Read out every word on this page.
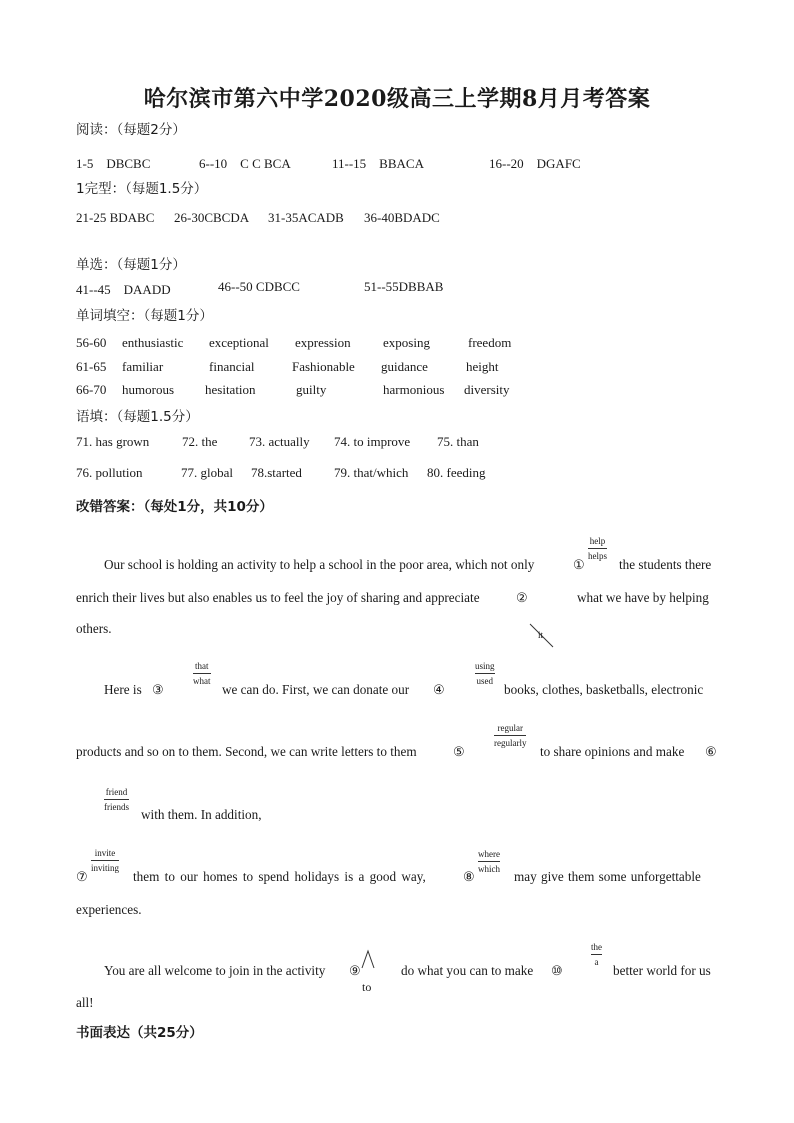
哈尔滨市第六中学2020级高三上学期8月月考答案
阅读：（每题2分）
1-5　DBCBC	6--10　C C BCA	11--15　BBACA	16--20　DGAFC
1完型：（每题1.5分）
21-25 BDABC 26-30CBCDA 31-35ACADB 36-40BDADC
单选：（每题1分）
41--45　DAADD	46--50 CDBCC	51--55DBBAB
单词填空：（每题1分）
56-60 enthusiastic exceptional expression exposing	freedom
61-65 familiar	financial	Fashionable guidance	height
66-70 humorous hesitation	guilty	harmonious diversity
语填：（每题1.5分）
71. has grown	72. the 73. actually 74. to improve 75. than
76. pollution	77. global 78.started 79. that/which 80. feeding
改错答案：（每处1分，共10分）
Our school is holding an activity to help a school in the poor area, which not only	①
help
helps
the students there
enrich their lives but also enables us to feel the joy of sharing and appreciate	②	what we have by helping
others.	it
Here is ③
that
what
we can do. First, we can donate our ④
using
used
books, clothes, basketballs, electronic
products and so on to them. Second, we can write letters to them	⑤
regular
regularly
to share opinions and make ⑥
friend
friends with them. In addition,
⑦
invite
inviting
them to our homes to spend holidays is a good way,	⑧
where
which may give them some unforgettable
experiences.
You are all welcome to join in the activity ⑨
to
do what you can to make ⑩
the
a
better world for us
all!
书面表达（共25分）
